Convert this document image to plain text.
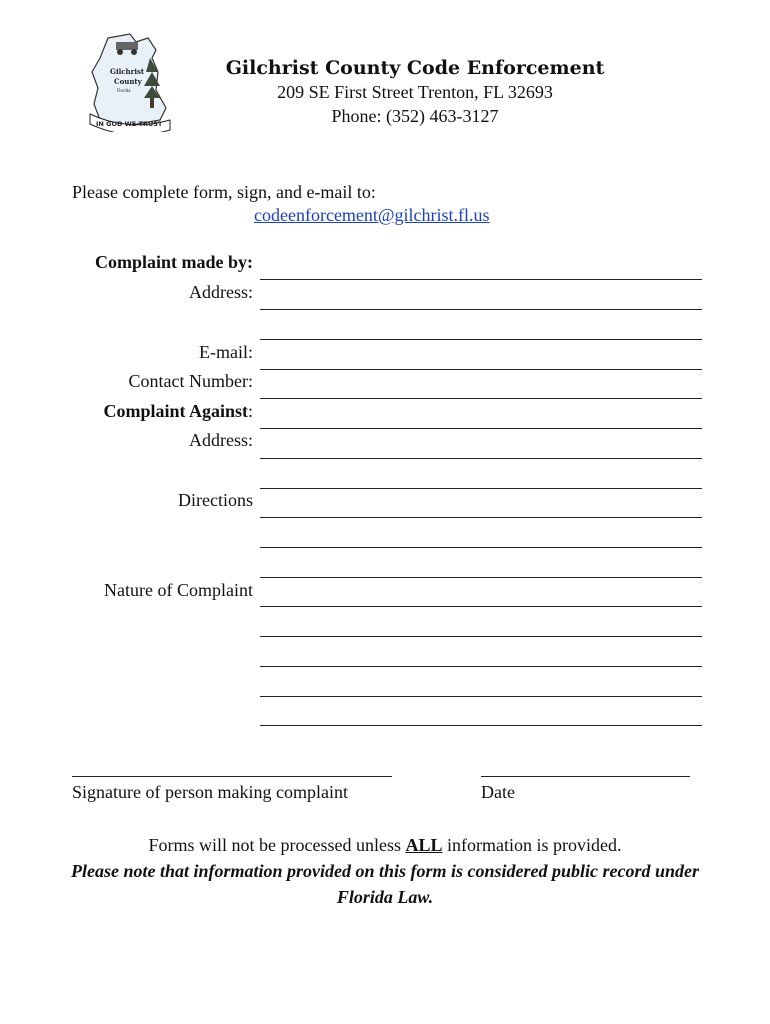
Gilchrist
County
Florida
IN GOD WE TRUST
Gilchrist County Code Enforcement
209 SE First Street Trenton, FL 32693
Phone: (352) 463-3127
Please complete form, sign, and e-mail to:
codeenforcement@gilchrist.fl.us
Complaint made by:
Address:
E-mail:
Contact Number:
Complaint Against:
Address:
Directions
Nature of Complaint
Signature of person making complaint	Date
Forms will not be processed unless ALL information is provided.
Please note that information provided on this form is considered public record under Florida Law.
